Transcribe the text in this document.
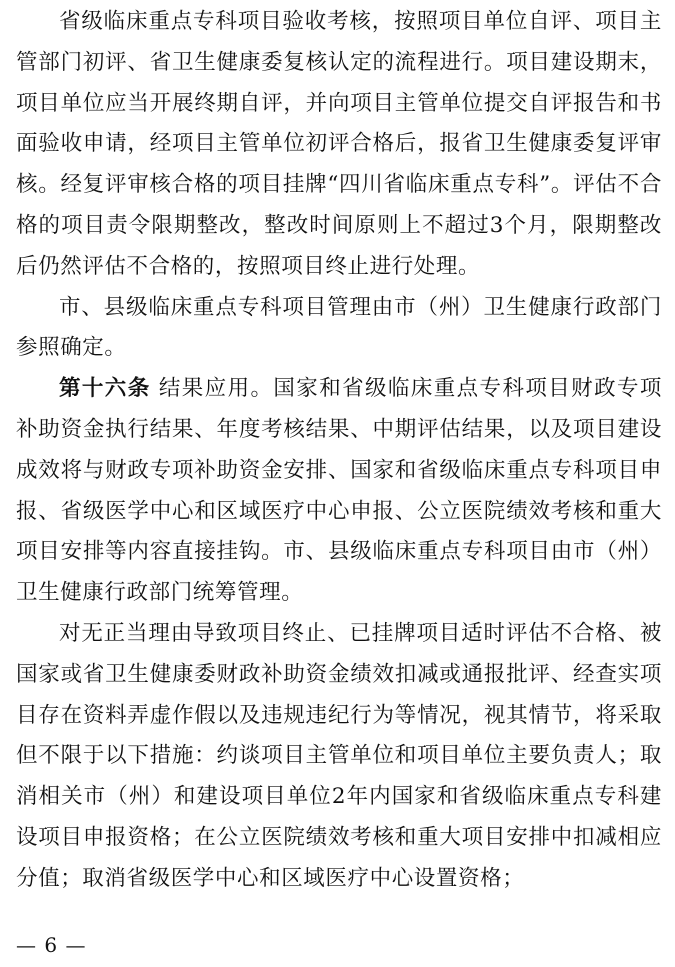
省级临床重点专科项目验收考核，按照项目单位自评、项目主管部门初评、省卫生健康委复核认定的流程进行。项目建设期末，项目单位应当开展终期自评，并向项目主管单位提交自评报告和书面验收申请，经项目主管单位初评合格后，报省卫生健康委复评审核。经复评审核合格的项目挂牌“四川省临床重点专科”。评估不合格的项目责令限期整改，整改时间原则上不超过3个月，限期整改后仍然评估不合格的，按照项目终止进行处理。

市、县级临床重点专科项目管理由市（州）卫生健康行政部门参照确定。

第十六条 结果应用。国家和省级临床重点专科项目财政专项补助资金执行结果、年度考核结果、中期评估结果，以及项目建设成效将与财政专项补助资金安排、国家和省级临床重点专科项目申报、省级医学中心和区域医疗中心申报、公立医院绩效考核和重大项目安排等内容直接挂钩。市、县级临床重点专科项目由市（州）卫生健康行政部门统筹管理。

对无正当理由导致项目终止、已挂牌项目适时评估不合格、被国家或省卫生健康委财政补助资金绩效扣减或通报批评、经查实项目存在资料弄虚作假以及违规违纪行为等情况，视其情节，将采取但不限于以下措施：约谈项目主管单位和项目单位主要负责人；取消相关市（州）和建设项目单位2年内国家和省级临床重点专科建设项目申报资格；在公立医院绩效考核和重大项目安排中扣减相应分值；取消省级医学中心和区域医疗中心设置资格；

— 6 —
